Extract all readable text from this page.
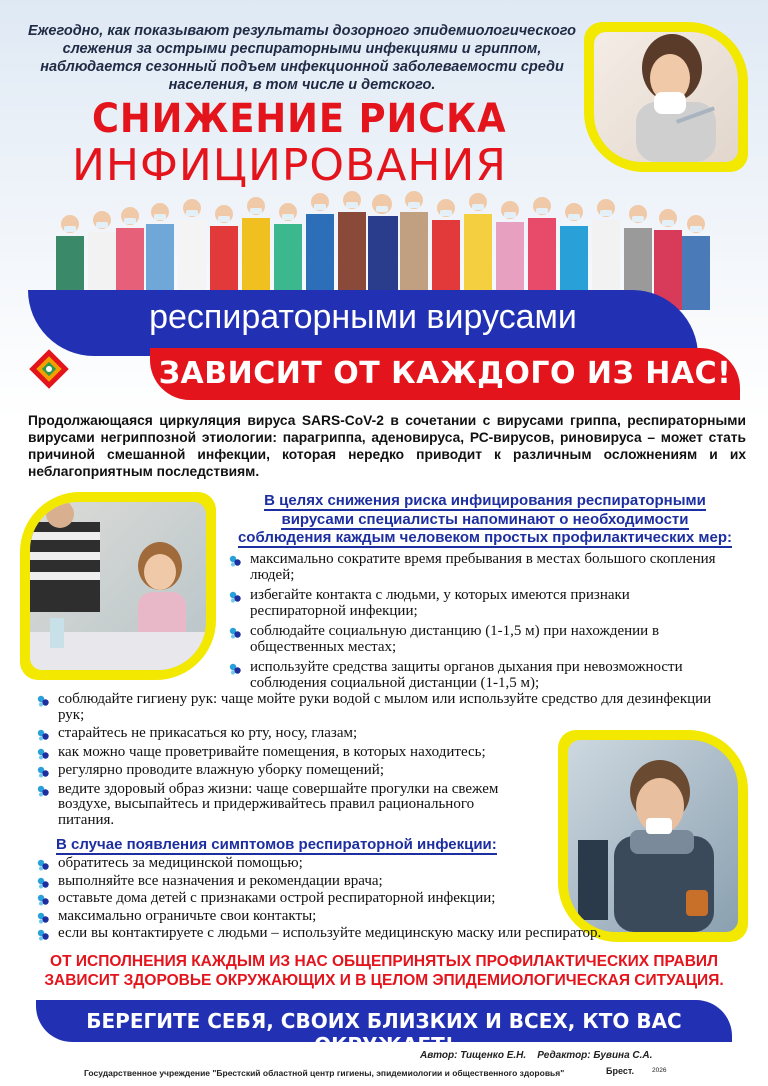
Ежегодно, как показывают результаты дозорного эпидемиологического слежения за острыми респираторными инфекциями и гриппом, наблюдается сезонный подъем инфекционной заболеваемости среди населения, в том числе и детского.
СНИЖЕНИЕ РИСКА
ИНФИЦИРОВАНИЯ
респираторными вирусами
ЗАВИСИТ ОТ КАЖДОГО ИЗ НАС!
Продолжающаяся циркуляция вируса SARS-CoV-2 в сочетании с вирусами гриппа, респираторными вирусами негриппозной этиологии: парагриппа, аденовируса, РС-вирусов, риновируса – может стать причиной смешанной инфекции, которая нередко приводит к различным осложнениям и их неблагоприятным последствиям.
В целях снижения риска инфицирования респираторными вирусами специалисты напоминают о необходимости соблюдения каждым человеком простых профилактических мер:
максимально сократите время пребывания в местах большого скопления людей;
избегайте контакта с людьми, у которых имеются признаки респираторной инфекции;
соблюдайте социальную дистанцию (1-1,5 м) при нахождении в общественных местах;
используйте средства защиты органов дыхания при невозможности соблюдения социальной дистанции (1-1,5 м);
соблюдайте гигиену рук: чаще мойте руки водой с мылом или используйте средство для дезинфекции рук;
старайтесь не прикасаться ко рту, носу, глазам;
как можно чаще проветривайте помещения, в которых находитесь;
регулярно проводите влажную уборку помещений;
ведите здоровый образ жизни: чаще совершайте прогулки на свежем воздухе, высыпайтесь и придерживайтесь правил рационального питания.
В случае появления симптомов респираторной инфекции:
обратитесь за медицинской помощью;
выполняйте все назначения и рекомендации врача;
оставьте дома детей с признаками острой респираторной инфекции;
максимально ограничьте свои контакты;
если вы контактируете с людьми – используйте медицинскую маску или респиратор.
ОТ ИСПОЛНЕНИЯ КАЖДЫМ ИЗ НАС ОБЩЕПРИНЯТЫХ ПРОФИЛАКТИЧЕСКИХ ПРАВИЛ ЗАВИСИТ ЗДОРОВЬЕ ОКРУЖАЮЩИХ И В ЦЕЛОМ ЭПИДЕМИОЛОГИЧЕСКАЯ СИТУАЦИЯ.
БЕРЕГИТЕ СЕБЯ, СВОИХ БЛИЗКИХ И ВСЕХ, КТО ВАС ОКРУЖАЕТ!
Автор: Тищенко Е.Н.    Редактор: Бувина С.А.
Государственное учреждение "Брестский областной центр гигиены, эпидемиологии и общественного здоровья"	Брест.	2026
